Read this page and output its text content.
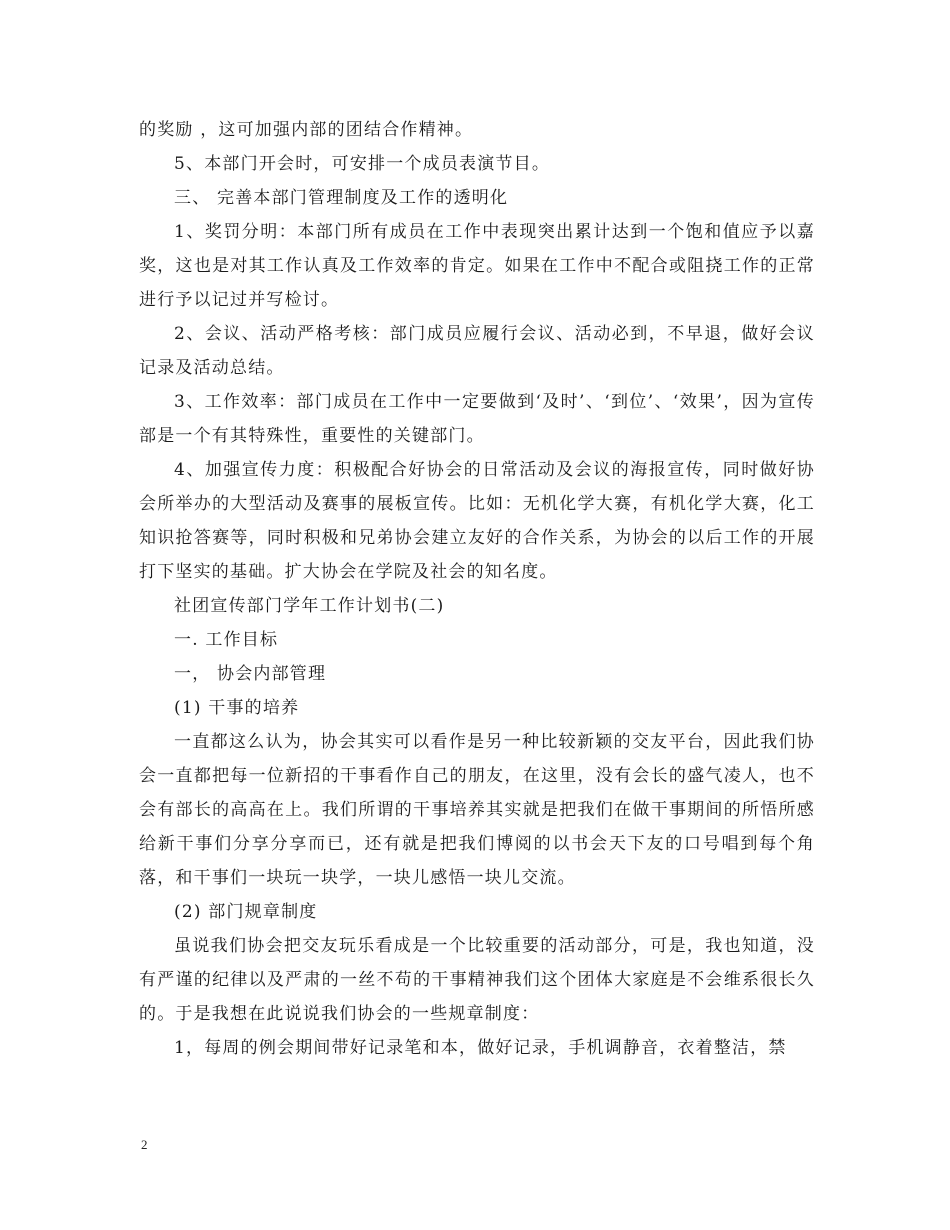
的奖励 ，这可加强内部的团结合作精神。

5、本部门开会时，可安排一个成员表演节目。

三、 完善本部门管理制度及工作的透明化

1、奖罚分明：本部门所有成员在工作中表现突出累计达到一个饱和值应予以嘉奖，这也是对其工作认真及工作效率的肯定。如果在工作中不配合或阻挠工作的正常进行予以记过并写检讨。

2、会议、活动严格考核：部门成员应履行会议、活动必到，不早退，做好会议记录及活动总结。

3、工作效率：部门成员在工作中一定要做到‘及时’、‘到位’、‘效果’，因为宣传部是一个有其特殊性，重要性的关键部门。

4、加强宣传力度：积极配合好协会的日常活动及会议的海报宣传，同时做好协会所举办的大型活动及赛事的展板宣传。比如：无机化学大赛，有机化学大赛，化工知识抢答赛等，同时积极和兄弟协会建立友好的合作关系，为协会的以后工作的开展打下坚实的基础。扩大协会在学院及社会的知名度。

社团宣传部门学年工作计划书(二)

一. 工作目标

一， 协会内部管理

(1) 干事的培养

一直都这么认为，协会其实可以看作是另一种比较新颖的交友平台，因此我们协会一直都把每一位新招的干事看作自己的朋友，在这里，没有会长的盛气凌人，也不会有部长的高高在上。我们所谓的干事培养其实就是把我们在做干事期间的所悟所感给新干事们分享分享而已，还有就是把我们博阅的以书会天下友的口号唱到每个角落，和干事们一块玩一块学，一块儿感悟一块儿交流。

(2) 部门规章制度

虽说我们协会把交友玩乐看成是一个比较重要的活动部分，可是，我也知道，没有严谨的纪律以及严肃的一丝不苟的干事精神我们这个团体大家庭是不会维系很长久的。于是我想在此说说我们协会的一些规章制度：

1，每周的例会期间带好记录笔和本，做好记录，手机调静音，衣着整洁，禁

2
